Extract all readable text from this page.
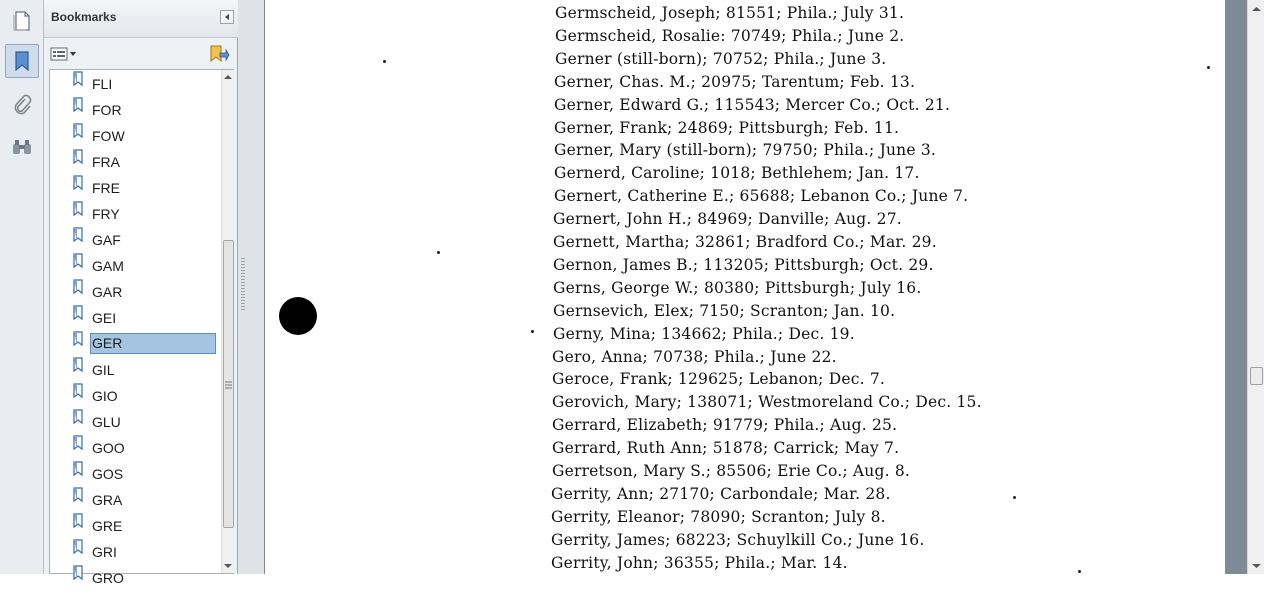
Bookmarks
FLI
FOR
FOW
FRA
FRE
FRY
GAF
GAM
GAR
GEI
GER
GIL
GIO
GLU
GOO
GOS
GRA
GRE
GRI
GRO
Germscheid, Joseph; 81551; Phila.; July 31.
Germscheid, Rosalie: 70749; Phila.; June 2.
Gerner (still-born); 70752; Phila.; June 3.
Gerner, Chas. M.; 20975; Tarentum; Feb. 13.
Gerner, Edward G.; 115543; Mercer Co.; Oct. 21.
Gerner, Frank; 24869; Pittsburgh; Feb. 11.
Gerner, Mary (still-born); 79750; Phila.; June 3.
Gernerd, Caroline; 1018; Bethlehem; Jan. 17.
Gernert, Catherine E.; 65688; Lebanon Co.; June 7.
Gernert, John H.; 84969; Danville; Aug. 27.
Gernett, Martha; 32861; Bradford Co.; Mar. 29.
Gernon, James B.; 113205; Pittsburgh; Oct. 29.
Gerns, George W.; 80380; Pittsburgh; July 16.
Gernsevich, Elex; 7150; Scranton; Jan. 10.
Gerny, Mina; 134662; Phila.; Dec. 19.
Gero, Anna; 70738; Phila.; June 22.
Geroce, Frank; 129625; Lebanon; Dec. 7.
Gerovich, Mary; 138071; Westmoreland Co.; Dec. 15.
Gerrard, Elizabeth; 91779; Phila.; Aug. 25.
Gerrard, Ruth Ann; 51878; Carrick; May 7.
Gerretson, Mary S.; 85506; Erie Co.; Aug. 8.
Gerrity, Ann; 27170; Carbondale; Mar. 28.
Gerrity, Eleanor; 78090; Scranton; July 8.
Gerrity, James; 68223; Schuylkill Co.; June 16.
Gerrity, John; 36355; Phila.; Mar. 14.
